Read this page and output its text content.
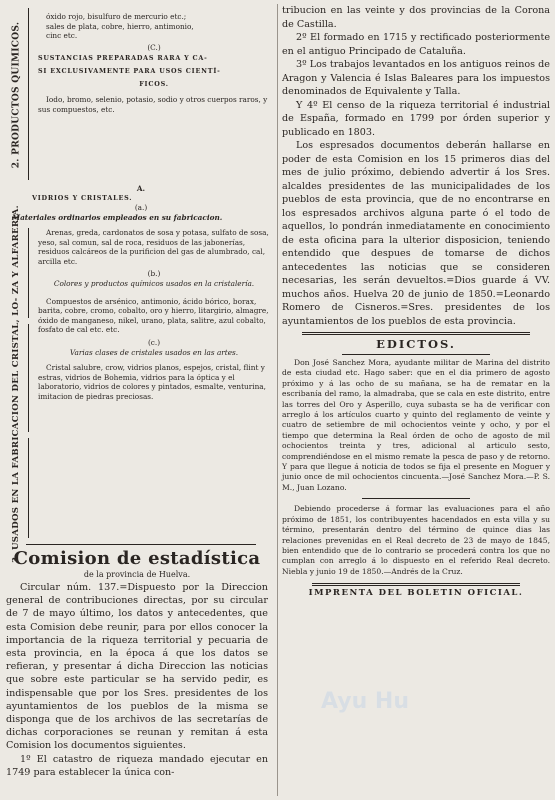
2. PRODUCTOS QUIMICOS.

óxido rojo, bisulfuro de mercurio etc.;

sales de plata, cobre, hierro, antimonio,

cinc etc.

(C.)

SUSTANCIAS PREPARADAS RARA Y CA-

SI EXCLUSIVAMENTE PARA USOS CIENTÍ-

FICOS.

Iodo, bromo, selenio, potasio, sodio y otros cuerpos raros, y sus compuestos, etc.

A.

VIDRIOS Y CRISTALES.

(a.)

Materiales ordinarios empleados en su fabricacion.

3. USADOS EN LA FABRICACION DEL CRISTAL, LO- ZA Y ALFARERIA.	Arenas, greda, cardonatos de sosa y potasa, sulfato de sosa, yeso, sal comun, sal de roca, residuos de las jabonerías, residuos calcáreos de la purificion del gas de alumbrado, cal, arcilla etc.

(b.)

Colores y productos químicos usados en la cristalería.

Compuestos de arsénico, antimonio, ácido bórico, borax, barita, cobre, cromo, cobalto, oro y hierro, litargirio, almagre, óxido de manganeso, nikel, urano, plata, salitre, azul cobalto, fosfato de cal etc. etc.

(c.)

Varias clases de cristales usados en las artes.

Cristal salubre, crow, vidrios planos, espejos, cristal, flint y estras, vidrios de Bohemia, vidrios para la óptica y el laboratorio, vidrios de colores y pintados, esmalte, venturina, imitacion de piedras preciosas.

Comision de estadística

de la provincia de Huelva.

Circular núm. 137.=Dispuesto por la Direccion general de contribuciones directas, por su circular de 7 de mayo último, los datos y antecedentes, que esta Comision debe reunir, para por ellos conocer la importancia de la riqueza territorial y pecuaria de esta provincia, en la época á que los datos se refieran, y presentar á dicha Direccion las noticias que sobre este particular se ha servido pedir, es indispensable que por los Sres. presidentes de los ayuntamientos de los pueblos de la misma se disponga que de los archivos de las secretarías de dichas corporaciones se reunan y remitan á esta Comision los documentos siguientes.

1º El catastro de riqueza mandado ejecutar en 1749 para establecer la única con-

tribucion en las veinte y dos provincias de la Corona de Castilla.

2º El formado en 1715 y rectificado posteriormente en el antiguo Principado de Cataluña.

3º Los trabajos levantados en los antiguos reinos de Aragon y Valencia é Islas Baleares para los impuestos denominados de Equivalente y Talla.

Y 4º El censo de la riqueza territorial é industrial de España, formado en 1799 por órden superior y publicado en 1803.

Los espresados documentos deberán hallarse en poder de esta Comision en los 15 primeros dias del mes de julio próximo, debiendo advertir á los Sres. alcaldes presidentes de las municipalidades de los pueblos de esta provincia, que de no encontrarse en los espresados archivos alguna parte ó el todo de aquellos, lo pondrán inmediatamente en conocimiento de esta oficina para la ulterior disposicion, teniendo entendido que despues de tomarse de dichos antecedentes las noticias que se consideren necesarias, les serán devueltos.=Dios guarde á VV. muchos años. Huelva 20 de junio de 1850.=Leonardo Romero de Cisneros.=Sres. presidentes de los ayuntamientos de los pueblos de esta provincia.

EDICTOS.

Don José Sanchez Mora, ayudante militar de Marina del distrito de esta ciudad etc. Hago saber: que en el dia primero de agosto próximo y á las ocho de su mañana, se ha de rematar en la escribanía del ramo, la almadraba, que se cala en este distrito, entre las torres del Oro y Asperillo, cuya subasta se ha de verificar con arreglo á los artículos cuarto y quinto del reglamento de veinte y cuatro de setiembre de mil ochocientos veinte y ocho, y por el tiempo que determina la Real órden de ocho de agosto de mil ochocientos treinta y tres, adicional al articulo sesto, comprendiéndose en el mismo remate la pesca de paso y de retorno. Y para que llegue á noticia de todos se fija el presente en Moguer y junio once de mil ochocientos cincuenta.—José Sanchez Mora.—P. S. M., Juan Lozano.

Debiendo procederse á formar las evaluaciones para el año próximo de 1851, los contribuyentes hacendados en esta villa y su término, presentarán dentro del término de quince dias las relaciones prevenidas en el Real decreto de 23 de mayo de 1845, bien entendido que de lo contrario se procederá contra los que no cumplan con arreglo á lo dispuesto en el referido Real decreto. Niebla y junio 19 de 1850.—Andrés de la Cruz.

IMPRENTA DEL BOLETIN OFICIAL.

Ayu Hu
